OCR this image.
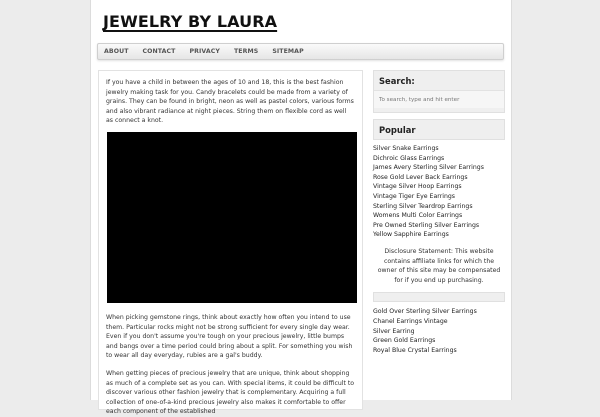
JEWELRY BY LAURA
ABOUT CONTACT PRIVACY TERMS SITEMAP

If you have a child in between the ages of 10 and 18, this is the best fashion jewelry making task for you. Candy bracelets could be made from a variety of grains. They can be found in bright, neon as well as pastel colors, various forms and also vibrant radiance at night pieces. String them on flexible cord as well as connect a knot.

When picking gemstone rings, think about exactly how often you intend to use them. Particular rocks might not be strong sufficient for every single day wear. Even if you don't assume you're tough on your precious jewelry, little bumps and bangs over a time period could bring about a split. For something you wish to wear all day everyday, rubies are a gal's buddy.

When getting pieces of precious jewelry that are unique, think about shopping as much of a complete set as you can. With special items, it could be difficult to discover various other fashion jewelry that is complementary. Acquiring a full collection of one-of-a-kind precious jewelry also makes it comfortable to offer each component of the established

Search:
To search, type and hit enter
Popular
Silver Snake Earrings
Dichroic Glass Earrings
James Avery Sterling Silver Earrings
Rose Gold Lever Back Earrings
Vintage Silver Hoop Earrings
Vintage Tiger Eye Earrings
Sterling Silver Teardrop Earrings
Womens Multi Color Earrings
Pre Owned Sterling Silver Earrings
Yellow Sapphire Earrings
Disclosure Statement: This website contains affiliate links for which the owner of this site may be compensated for if you end up purchasing.
Gold Over Sterling Silver Earrings
Chanel Earrings Vintage
Silver Earring
Green Gold Earrings
Royal Blue Crystal Earrings
